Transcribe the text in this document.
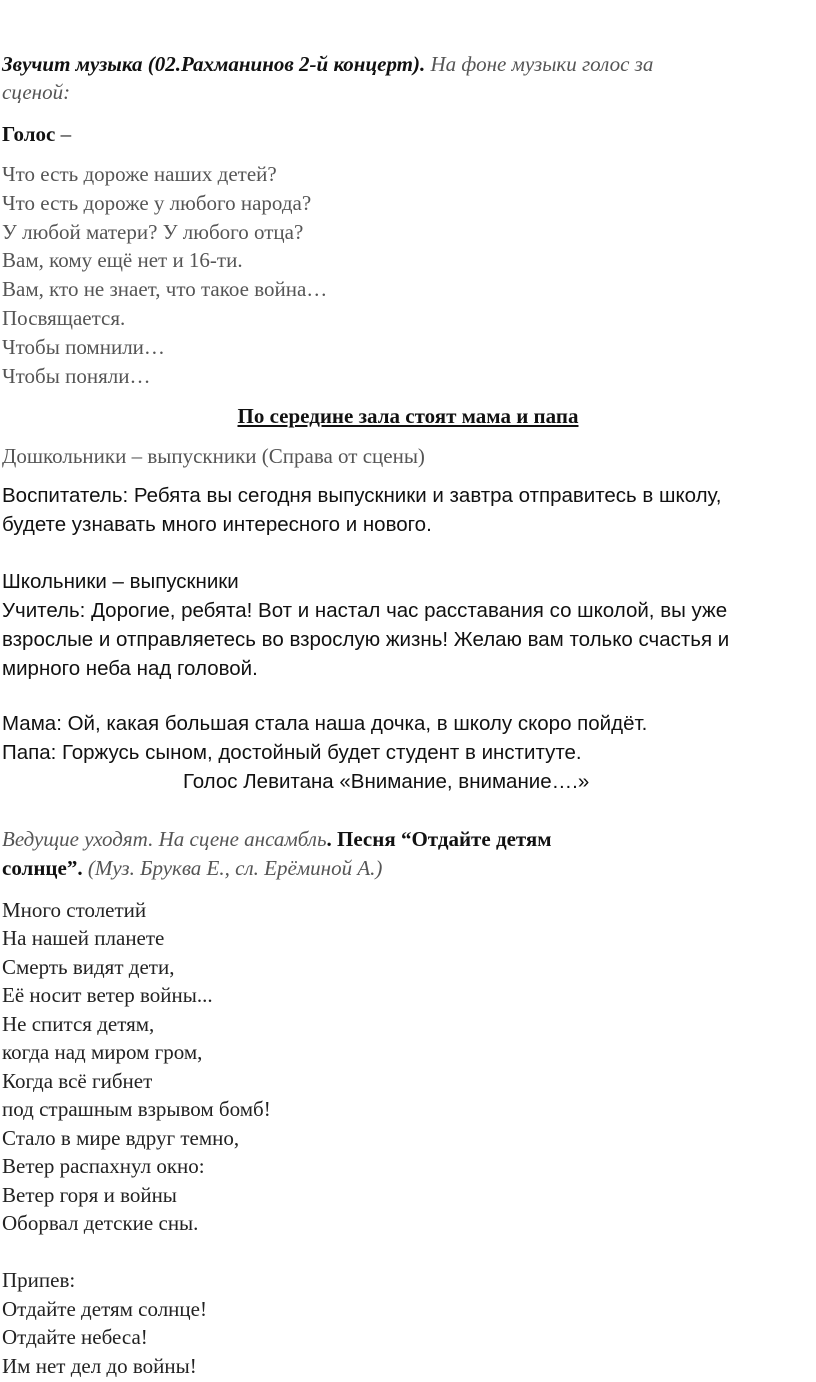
Звучит музыка (02.Рахманинов 2-й концерт). На фоне музыки голос за
сценой:
Голос –
Что есть дороже наших детей?
Что есть дороже у любого народа?
У любой матери? У любого отца?
Вам, кому ещё нет и 16-ти.
Вам, кто не знает, что такое война…
Посвящается.
Чтобы помнили…
Чтобы поняли…
По середине зала стоят мама и папа
Дошкольники – выпускники (Справа от сцены)
Воспитатель: Ребята вы сегодня выпускники и завтра отправитесь в школу,
будете узнавать много интересного и нового.
Школьники – выпускники
Учитель: Дорогие, ребята! Вот и настал час расставания со школой, вы уже
взрослые и отправляетесь во взрослую жизнь! Желаю вам только счастья и
мирного неба над головой.
Мама: Ой, какая большая стала наша дочка, в школу скоро пойдёт.
Папа: Горжусь сыном, достойный будет студент в институте.
Голос Левитана «Внимание, внимание….»
Ведущие уходят. На сцене ансамбль. Песня “Отдайте детям
солнце”. (Муз. Бруква Е., сл. Ерёминой А.)
Много столетий
На нашей планете
Смерть видят дети,
Её носит ветер войны...
Не спится детям,
когда над миром гром,
Когда всё гибнет
под страшным взрывом бомб!
Стало в мире вдруг темно,
Ветер распахнул окно:
Ветер горя и войны
Оборвал детские сны.
Припев:
Отдайте детям солнце!
Отдайте небеса!
Им нет дел до войны!
